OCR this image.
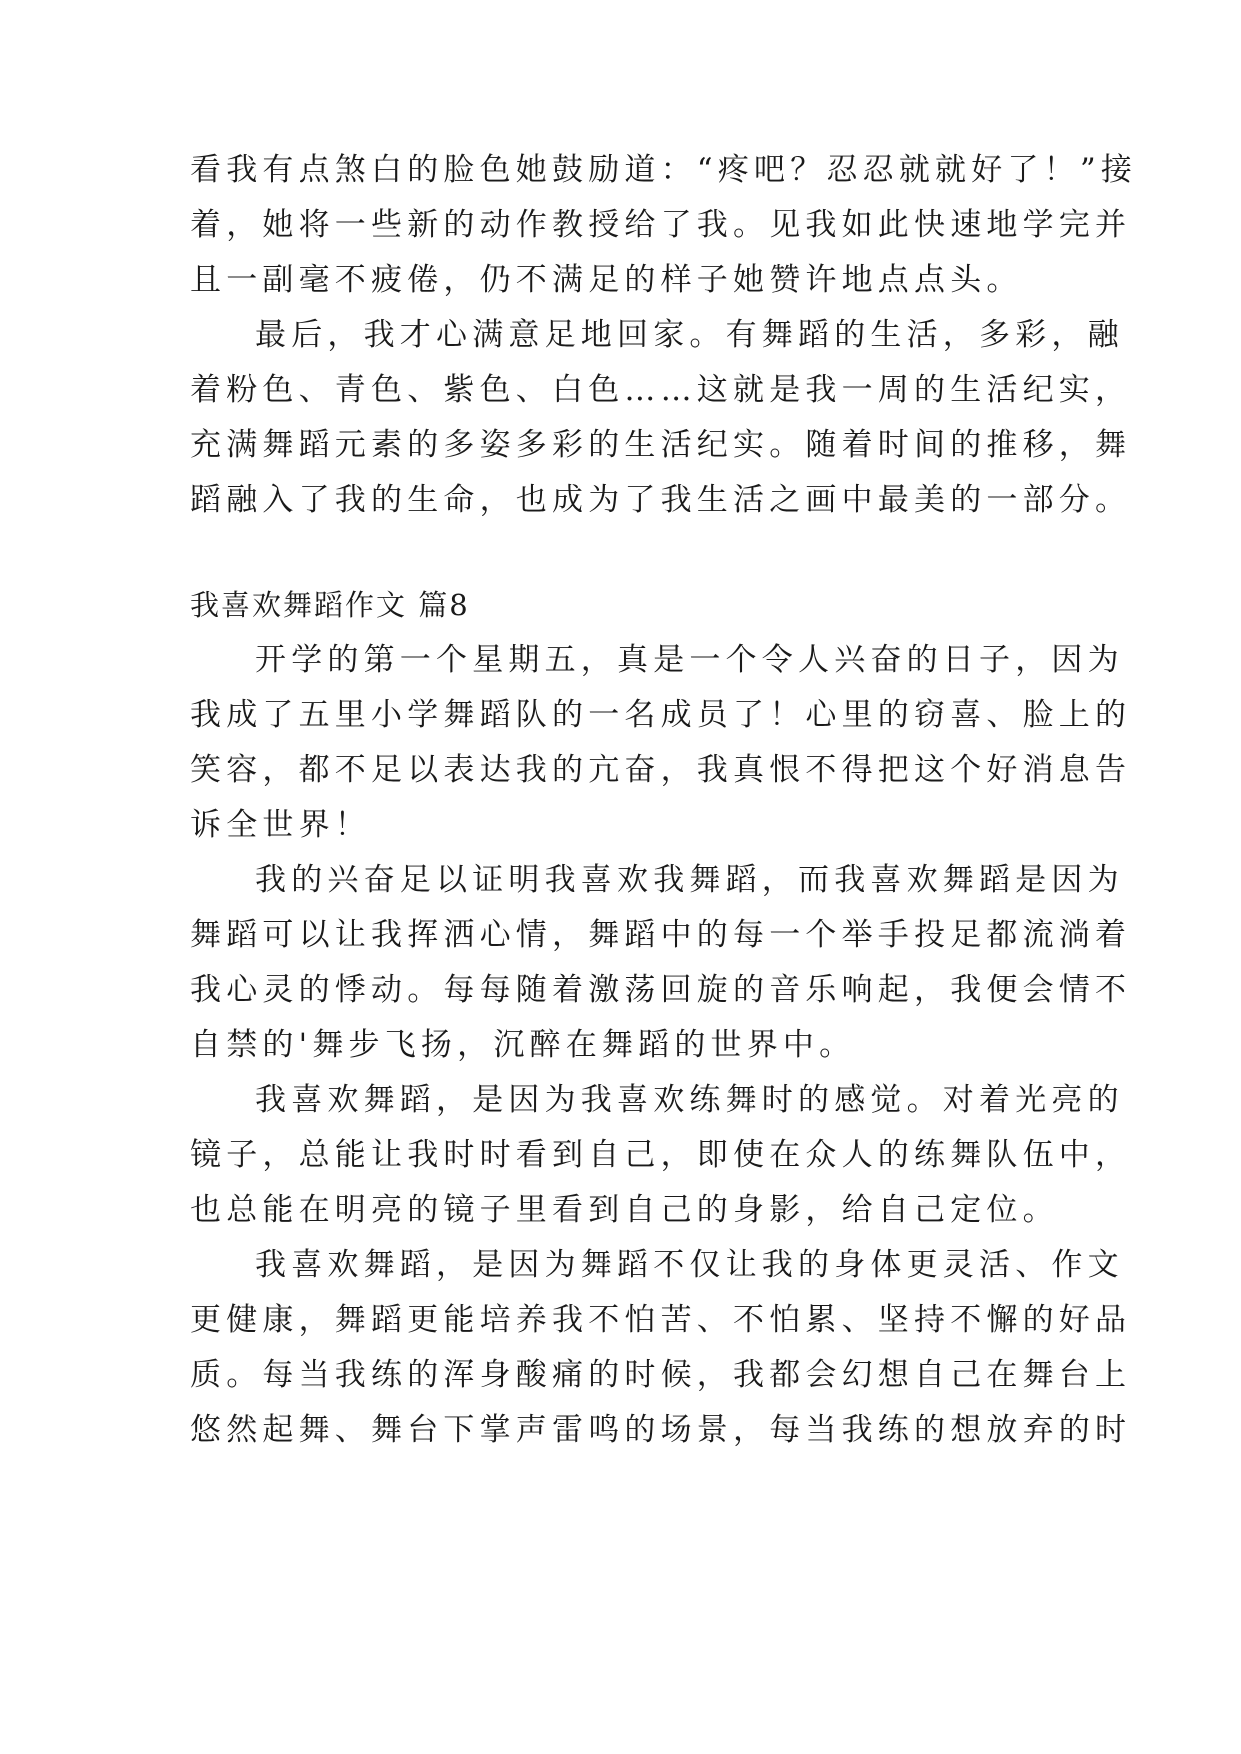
看我有点煞白的脸色她鼓励道：“疼吧？忍忍就就好了！”接
着，她将一些新的动作教授给了我。见我如此快速地学完并
且一副毫不疲倦，仍不满足的样子她赞许地点点头。
最后，我才心满意足地回家。有舞蹈的生活，多彩，融
着粉色、青色、紫色、白色……这就是我一周的生活纪实，
充满舞蹈元素的多姿多彩的生活纪实。随着时间的推移，舞
蹈融入了我的生命，也成为了我生活之画中最美的一部分。
我喜欢舞蹈作文 篇8
开学的第一个星期五，真是一个令人兴奋的日子，因为
我成了五里小学舞蹈队的一名成员了！心里的窃喜、脸上的
笑容，都不足以表达我的亢奋，我真恨不得把这个好消息告
诉全世界！
我的兴奋足以证明我喜欢我舞蹈，而我喜欢舞蹈是因为
舞蹈可以让我挥洒心情，舞蹈中的每一个举手投足都流淌着
我心灵的悸动。每每随着激荡回旋的音乐响起，我便会情不
自禁的'舞步飞扬，沉醉在舞蹈的世界中。
我喜欢舞蹈，是因为我喜欢练舞时的感觉。对着光亮的
镜子，总能让我时时看到自己，即使在众人的练舞队伍中，
也总能在明亮的镜子里看到自己的身影，给自己定位。
我喜欢舞蹈，是因为舞蹈不仅让我的身体更灵活、作文
更健康，舞蹈更能培养我不怕苦、不怕累、坚持不懈的好品
质。每当我练的浑身酸痛的时候，我都会幻想自己在舞台上
悠然起舞、舞台下掌声雷鸣的场景，每当我练的想放弃的时
